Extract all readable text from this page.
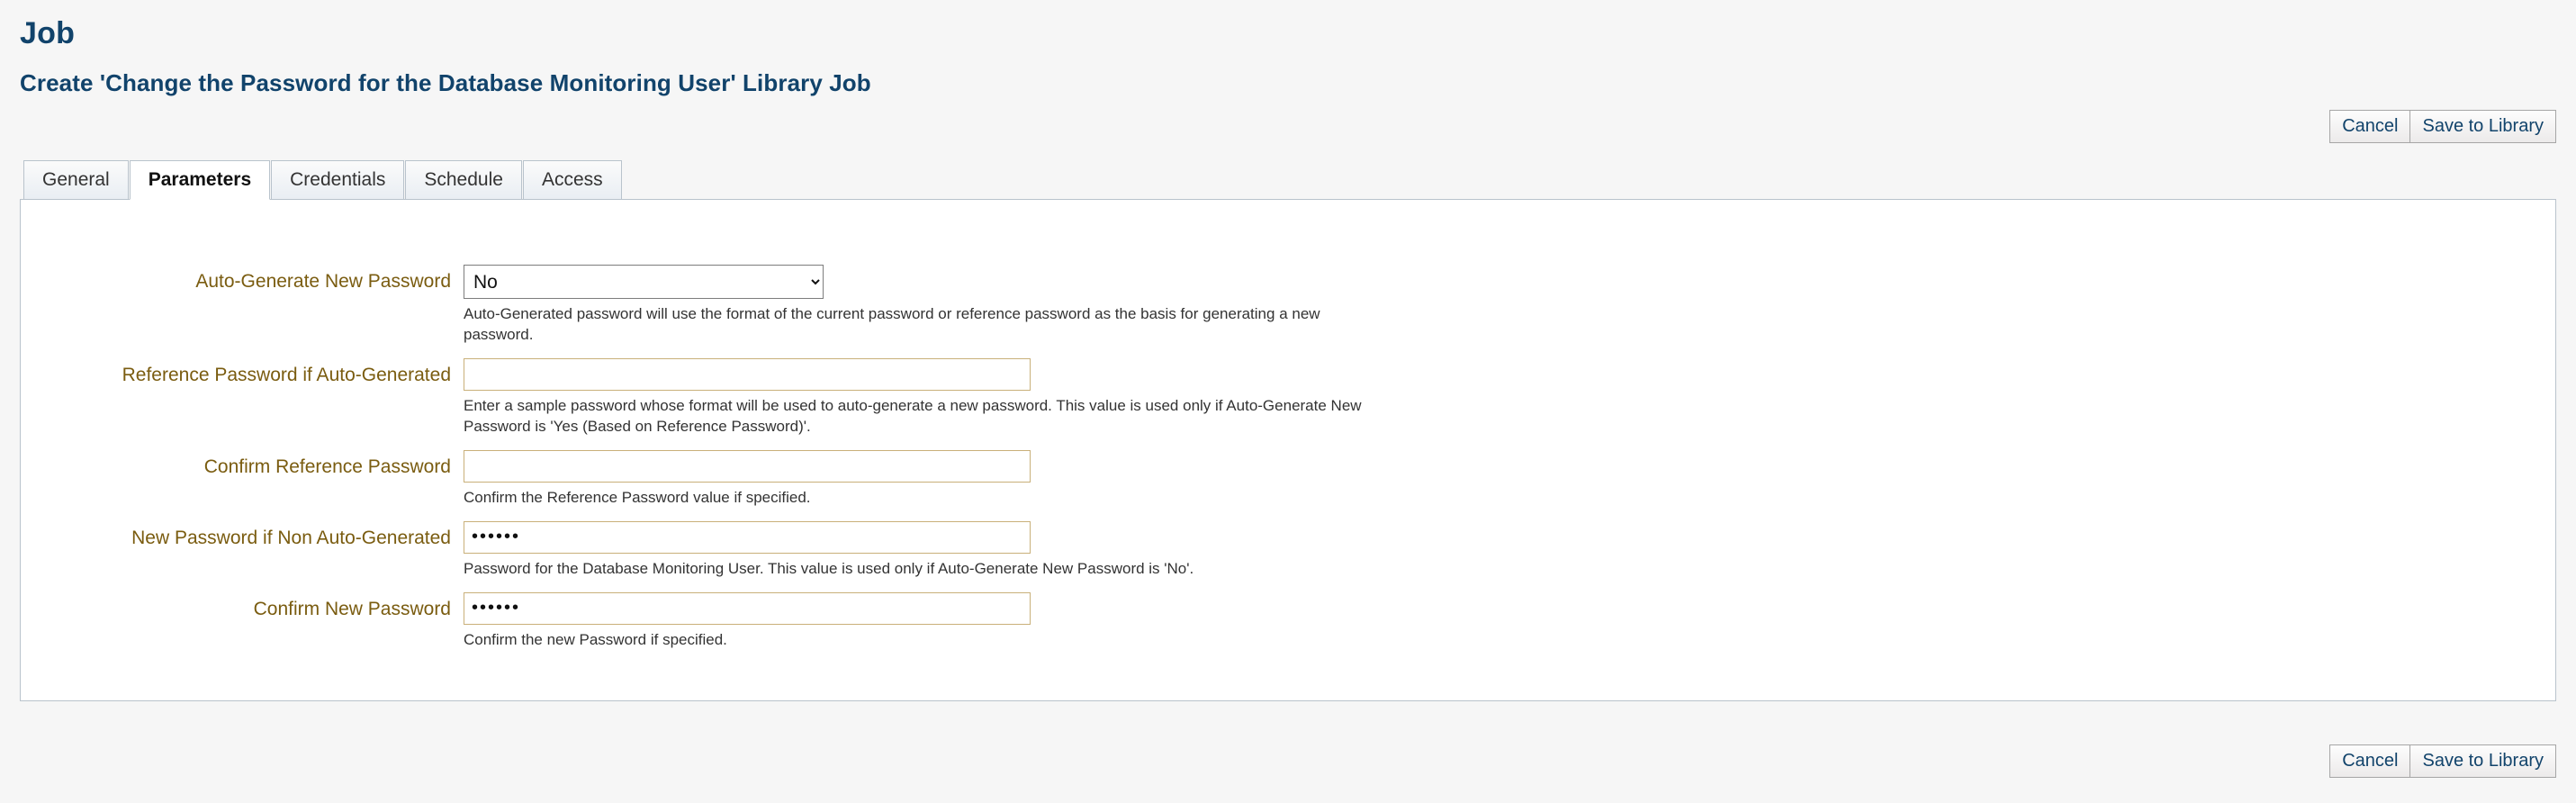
Job
Create 'Change the Password for the Database Monitoring User' Library Job
Cancel	Save to Library
General	Parameters	Credentials	Schedule	Access
Auto-Generate New Password
No
Auto-Generated password will use the format of the current password or reference password as the basis for generating a new password.
Reference Password if Auto-Generated
Enter a sample password whose format will be used to auto-generate a new password. This value is used only if Auto-Generate New Password is 'Yes (Based on Reference Password)'.
Confirm Reference Password
Confirm the Reference Password value if specified.
New Password if Non Auto-Generated
••••••
Password for the Database Monitoring User. This value is used only if Auto-Generate New Password is 'No'.
Confirm New Password
••••••
Confirm the new Password if specified.
Cancel	Save to Library
